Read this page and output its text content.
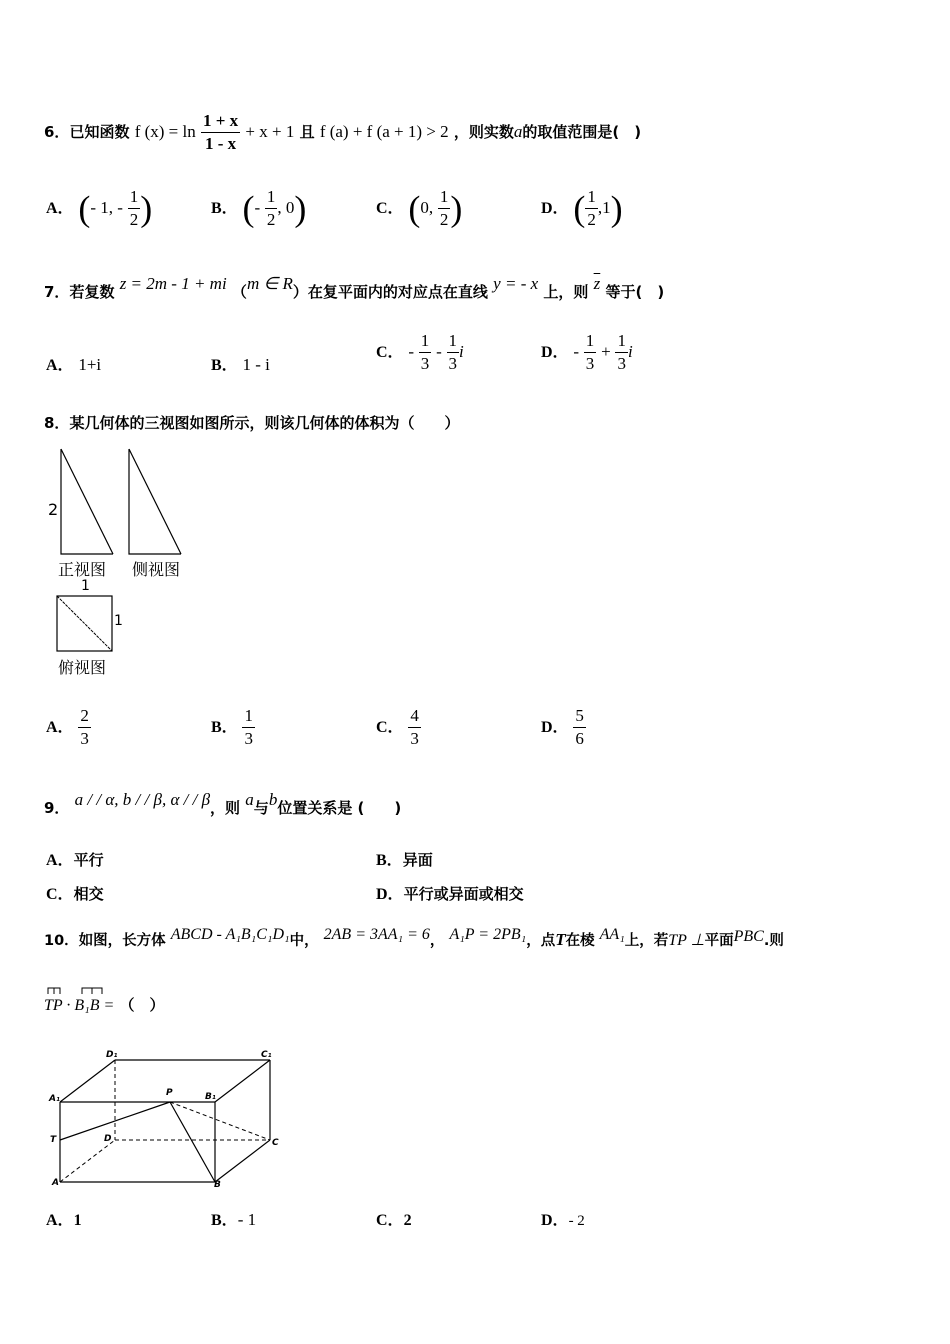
6．已知函数 f $(x) = \ln \frac{1 + x}{1 - x} + x + 1$ 且 f (a) + f (a + 1) > 2 ，则实数a的取值范围是(　)
A． (- 1, - $\frac{1}{2}$ )	B． (- $\frac{1}{2}$ , 0)	C． (0, $\frac{1}{2}$ )	D． ( $\frac{1}{2} ,1$)
7．若复数 z = 2m - 1 + mi （m ∈ R）在复平面内的对应点在直线 y = - x 上，则 $\overline{z}$ 等于(　)
A． 1+i	B． 1 - i
C． - $\frac{1}{3} - \frac{1}{3}$ i	D． - $\frac{1}{3} + \frac{1}{3}$ i
8．某几何体的三视图如图所示，则该几何体的体积为（　　）
2
正视图 侧视图
1
1
俯视图
A． $\frac{2}{3}$	B． $\frac{1}{3}$	C． $\frac{4}{3}$	D． $\frac{5}{6}$
9． a / / α, b / / β, α / / β，则 a与b位置关系是 (　　)
A．平行	B．异面
C．相交	D．平行或异面或相交
10．如图，长方体 ABCD - A₁B₁C₁D₁中， 2AB = 3AA₁ = 6， A₁P = 2PB₁，点T在棱 AA₁上，若TP ⊥平面PBC.则
TP · B₁B = （　）
D₁	C₁
A₁
P	B₁
T	D	C
A	B
A．1	B．- 1	C．2	D．- 2
